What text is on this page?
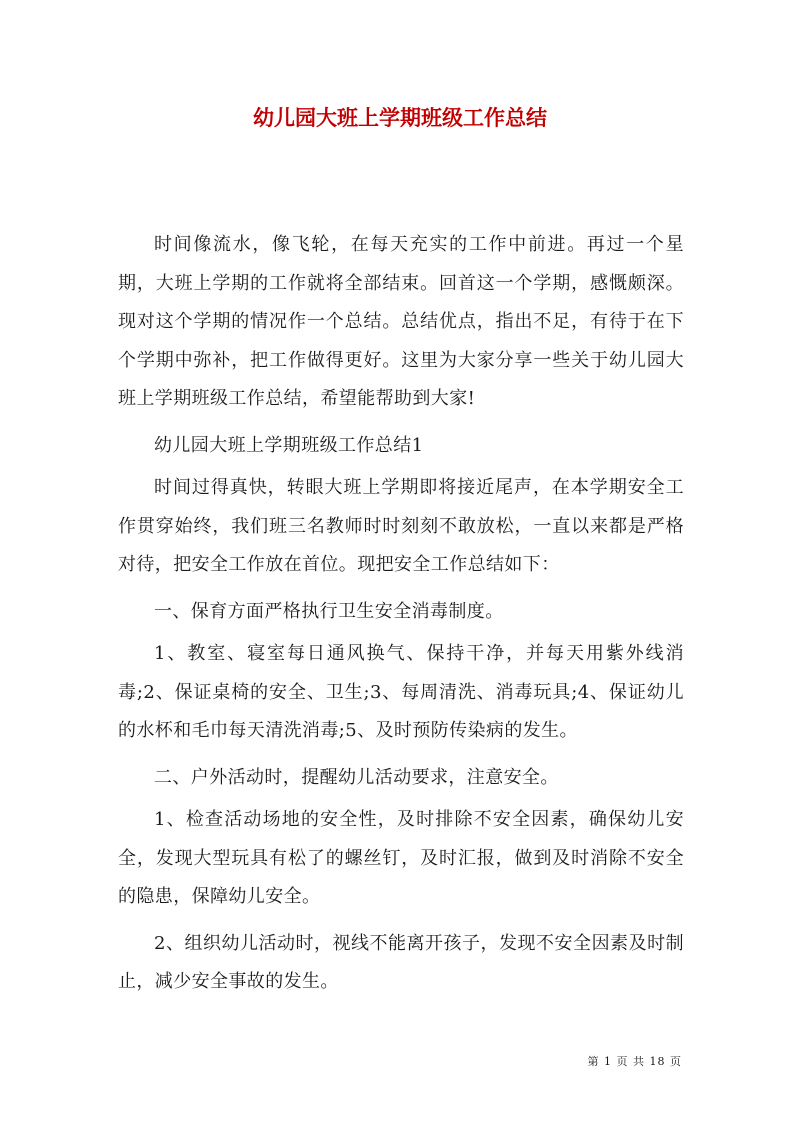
幼儿园大班上学期班级工作总结

时间像流水，像飞轮，在每天充实的工作中前进。再过一个星期，大班上学期的工作就将全部结束。回首这一个学期，感慨颇深。现对这个学期的情况作一个总结。总结优点，指出不足，有待于在下个学期中弥补，把工作做得更好。这里为大家分享一些关于幼儿园大班上学期班级工作总结，希望能帮助到大家!

幼儿园大班上学期班级工作总结1

时间过得真快，转眼大班上学期即将接近尾声，在本学期安全工作贯穿始终，我们班三名教师时时刻刻不敢放松，一直以来都是严格对待，把安全工作放在首位。现把安全工作总结如下：

一、保育方面严格执行卫生安全消毒制度。

1、教室、寝室每日通风换气、保持干净，并每天用紫外线消毒;2、保证桌椅的安全、卫生;3、每周清洗、消毒玩具;4、保证幼儿的水杯和毛巾每天清洗消毒;5、及时预防传染病的发生。

二、户外活动时，提醒幼儿活动要求，注意安全。

1、检查活动场地的安全性，及时排除不安全因素，确保幼儿安全，发现大型玩具有松了的螺丝钉，及时汇报，做到及时消除不安全的隐患，保障幼儿安全。

2、组织幼儿活动时，视线不能离开孩子，发现不安全因素及时制止，减少安全事故的发生。

第 1 页 共 18 页
